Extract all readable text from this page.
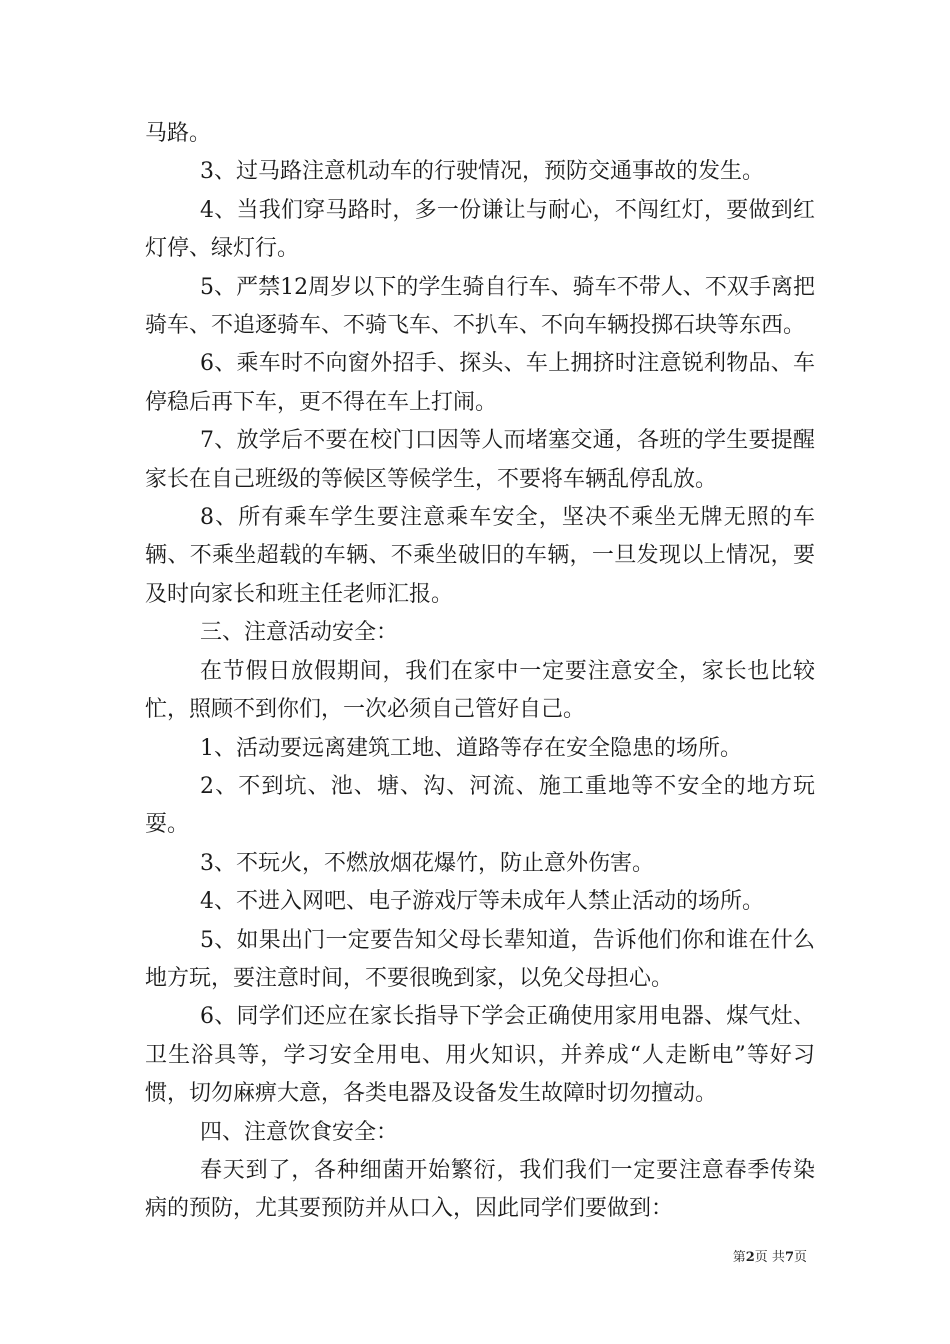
马路。

3、过马路注意机动车的行驶情况，预防交通事故的发生。

4、当我们穿马路时，多一份谦让与耐心，不闯红灯，要做到红灯停、绿灯行。

5、严禁12周岁以下的学生骑自行车、骑车不带人、不双手离把骑车、不追逐骑车、不骑飞车、不扒车、不向车辆投掷石块等东西。

6、乘车时不向窗外招手、探头、车上拥挤时注意锐利物品、车停稳后再下车，更不得在车上打闹。

7、放学后不要在校门口因等人而堵塞交通，各班的学生要提醒家长在自己班级的等候区等候学生，不要将车辆乱停乱放。

8、所有乘车学生要注意乘车安全，坚决不乘坐无牌无照的车辆、不乘坐超载的车辆、不乘坐破旧的车辆，一旦发现以上情况，要及时向家长和班主任老师汇报。

三、注意活动安全：

在节假日放假期间，我们在家中一定要注意安全，家长也比较忙，照顾不到你们，一次必须自己管好自己。

1、活动要远离建筑工地、道路等存在安全隐患的场所。

2、不到坑、池、塘、沟、河流、施工重地等不安全的地方玩耍。

3、不玩火，不燃放烟花爆竹，防止意外伤害。

4、不进入网吧、电子游戏厅等未成年人禁止活动的场所。

5、如果出门一定要告知父母长辈知道，告诉他们你和谁在什么地方玩，要注意时间，不要很晚到家，以免父母担心。

6、同学们还应在家长指导下学会正确使用家用电器、煤气灶、卫生浴具等，学习安全用电、用火知识，并养成“人走断电”等好习惯，切勿麻痹大意，各类电器及设备发生故障时切勿擅动。

四、注意饮食安全：

春天到了，各种细菌开始繁衍，我们我们一定要注意春季传染病的预防，尤其要预防并从口入，因此同学们要做到：

第2页 共7页
